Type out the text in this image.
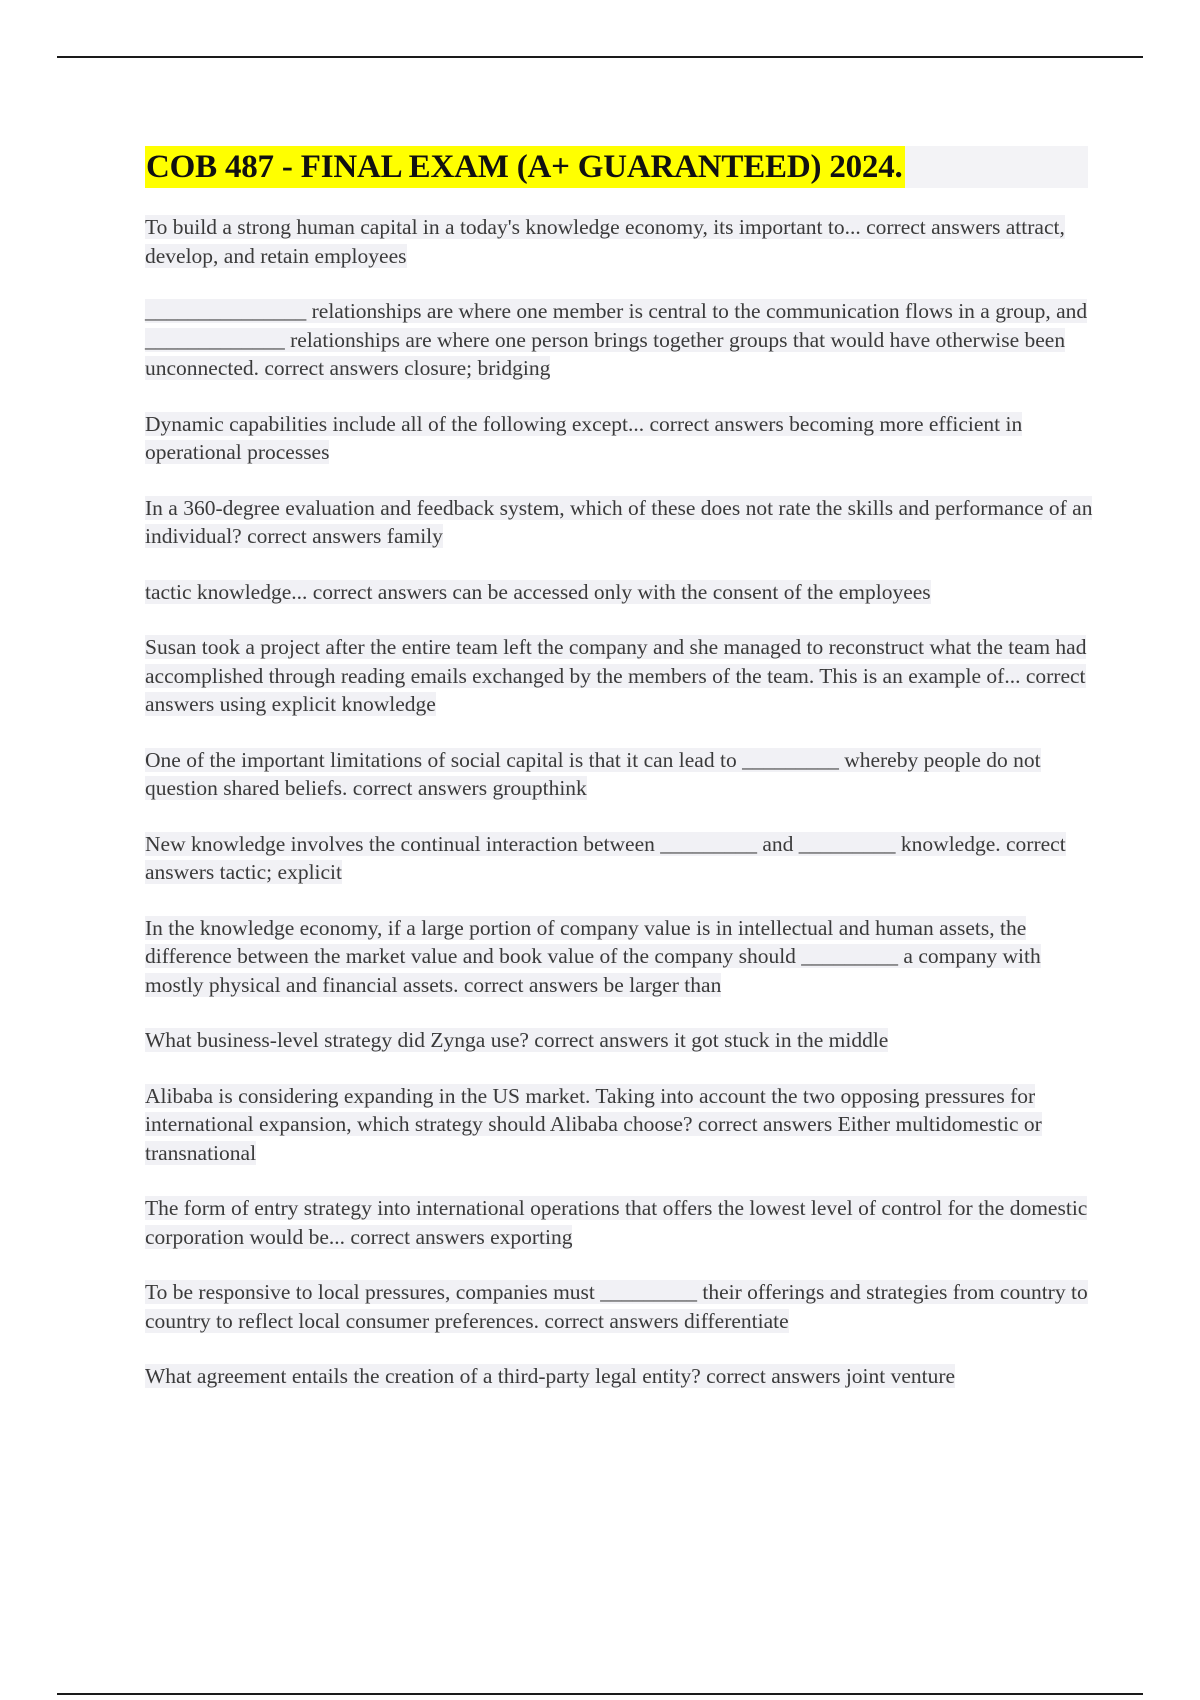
COB 487 - FINAL EXAM (A+ GUARANTEED) 2024.

To build a strong human capital in a today's knowledge economy, its important to... correct answers attract, develop, and retain employees

_______________ relationships are where one member is central to the communication flows in a group, and _____________ relationships are where one person brings together groups that would have otherwise been unconnected. correct answers closure; bridging

Dynamic capabilities include all of the following except... correct answers becoming more efficient in operational processes

In a 360-degree evaluation and feedback system, which of these does not rate the skills and performance of an individual? correct answers family

tactic knowledge... correct answers can be accessed only with the consent of the employees

Susan took a project after the entire team left the company and she managed to reconstruct what the team had accomplished through reading emails exchanged by the members of the team. This is an example of... correct answers using explicit knowledge

One of the important limitations of social capital is that it can lead to _________ whereby people do not question shared beliefs. correct answers groupthink

New knowledge involves the continual interaction between _________ and _________ knowledge. correct answers tactic; explicit

In the knowledge economy, if a large portion of company value is in intellectual and human assets, the difference between the market value and book value of the company should _________ a company with mostly physical and financial assets. correct answers be larger than

What business-level strategy did Zynga use? correct answers it got stuck in the middle

Alibaba is considering expanding in the US market. Taking into account the two opposing pressures for international expansion, which strategy should Alibaba choose? correct answers Either multidomestic or transnational

The form of entry strategy into international operations that offers the lowest level of control for the domestic corporation would be... correct answers exporting

To be responsive to local pressures, companies must _________ their offerings and strategies from country to country to reflect local consumer preferences. correct answers differentiate

What agreement entails the creation of a third-party legal entity? correct answers joint venture
